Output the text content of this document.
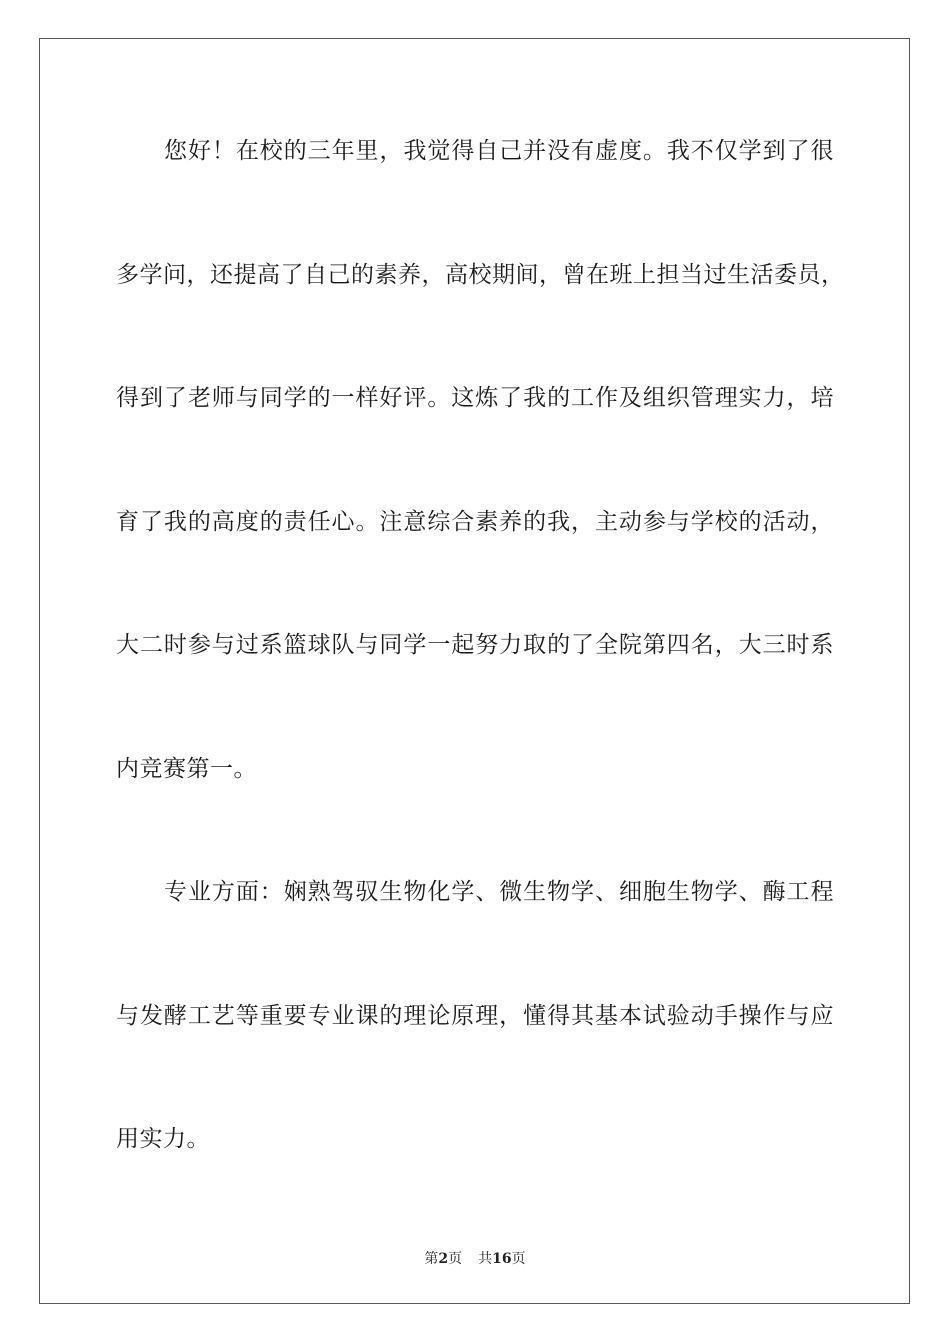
您好！在校的三年里，我觉得自己并没有虚度。我不仅学到了很
多学问，还提高了自己的素养，高校期间，曾在班上担当过生活委员，
得到了老师与同学的一样好评。这炼了我的工作及组织管理实力，培
育了我的高度的责任心。注意综合素养的我，主动参与学校的活动，
大二时参与过系篮球队与同学一起努力取的了全院第四名，大三时系
内竞赛第一。
专业方面：娴熟驾驭生物化学、微生物学、细胞生物学、酶工程
与发酵工艺等重要专业课的理论原理，懂得其基本试验动手操作与应
用实力。
第2页 共16页
